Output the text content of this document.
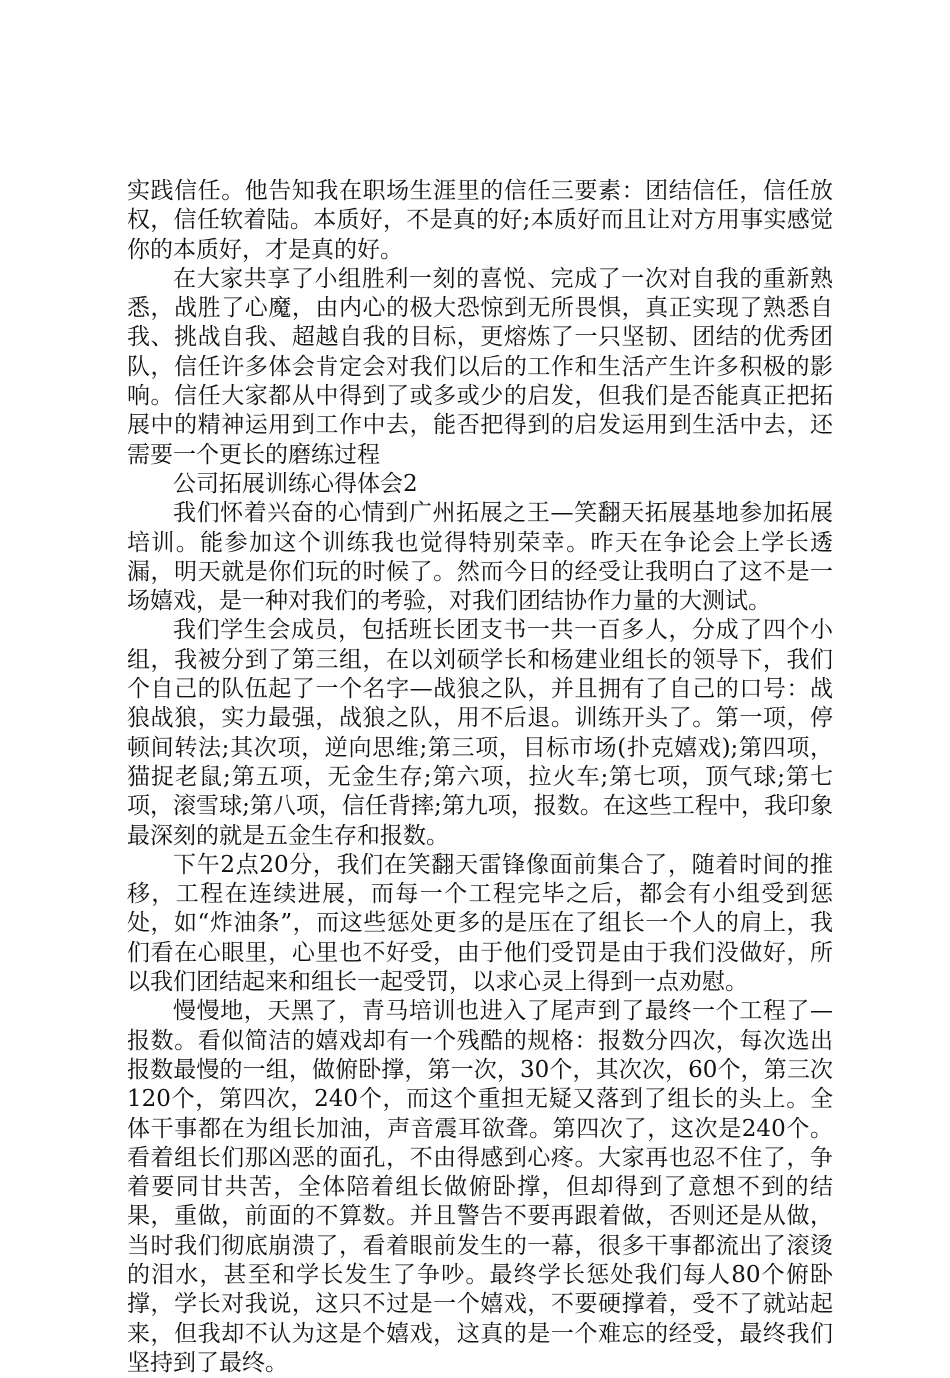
实践信任。他告知我在职场生涯里的信任三要素：团结信任，信任放权，信任软着陆。本质好，不是真的好;本质好而且让对方用事实感觉你的本质好，才是真的好。

在大家共享了小组胜利一刻的喜悦、完成了一次对自我的重新熟悉，战胜了心魔，由内心的极大恐惊到无所畏惧，真正实现了熟悉自我、挑战自我、超越自我的目标，更熔炼了一只坚韧、团结的优秀团队，信任许多体会肯定会对我们以后的工作和生活产生许多积极的影响。信任大家都从中得到了或多或少的启发，但我们是否能真正把拓展中的精神运用到工作中去，能否把得到的启发运用到生活中去，还需要一个更长的磨练过程

公司拓展训练心得体会2

我们怀着兴奋的心情到广州拓展之王—笑翻天拓展基地参加拓展培训。能参加这个训练我也觉得特别荣幸。昨天在争论会上学长透漏，明天就是你们玩的时候了。然而今日的经受让我明白了这不是一场嬉戏，是一种对我们的考验，对我们团结协作力量的大测试。

我们学生会成员，包括班长团支书一共一百多人，分成了四个小组，我被分到了第三组，在以刘硕学长和杨建业组长的领导下，我们个自己的队伍起了一个名字—战狼之队，并且拥有了自己的口号：战狼战狼，实力最强，战狼之队，用不后退。训练开头了。第一项，停顿间转法;其次项，逆向思维;第三项，目标市场(扑克嬉戏);第四项，猫捉老鼠;第五项，无金生存;第六项，拉火车;第七项，顶气球;第七项，滚雪球;第八项，信任背摔;第九项，报数。在这些工程中，我印象最深刻的就是五金生存和报数。

下午2点20分，我们在笑翻天雷锋像面前集合了，随着时间的推移，工程在连续进展，而每一个工程完毕之后，都会有小组受到惩处，如“炸油条”，而这些惩处更多的是压在了组长一个人的肩上，我们看在心眼里，心里也不好受，由于他们受罚是由于我们没做好，所以我们团结起来和组长一起受罚，以求心灵上得到一点劝慰。

慢慢地，天黑了，青马培训也进入了尾声到了最终一个工程了—报数。看似简洁的嬉戏却有一个残酷的规格：报数分四次，每次选出报数最慢的一组，做俯卧撑，第一次，30个，其次次，60个，第三次120个，第四次，240个，而这个重担无疑又落到了组长的头上。全体干事都在为组长加油，声音震耳欲聋。第四次了，这次是240个。看着组长们那凶恶的面孔，不由得感到心疼。大家再也忍不住了，争着要同甘共苦，全体陪着组长做俯卧撑，但却得到了意想不到的结果，重做，前面的不算数。并且警告不要再跟着做，否则还是从做，当时我们彻底崩溃了，看着眼前发生的一幕，很多干事都流出了滚烫的泪水，甚至和学长发生了争吵。最终学长惩处我们每人80个俯卧撑，学长对我说，这只不过是一个嬉戏，不要硬撑着，受不了就站起来，但我却不认为这是个嬉戏，这真的是一个难忘的经受，最终我们坚持到了最终。
